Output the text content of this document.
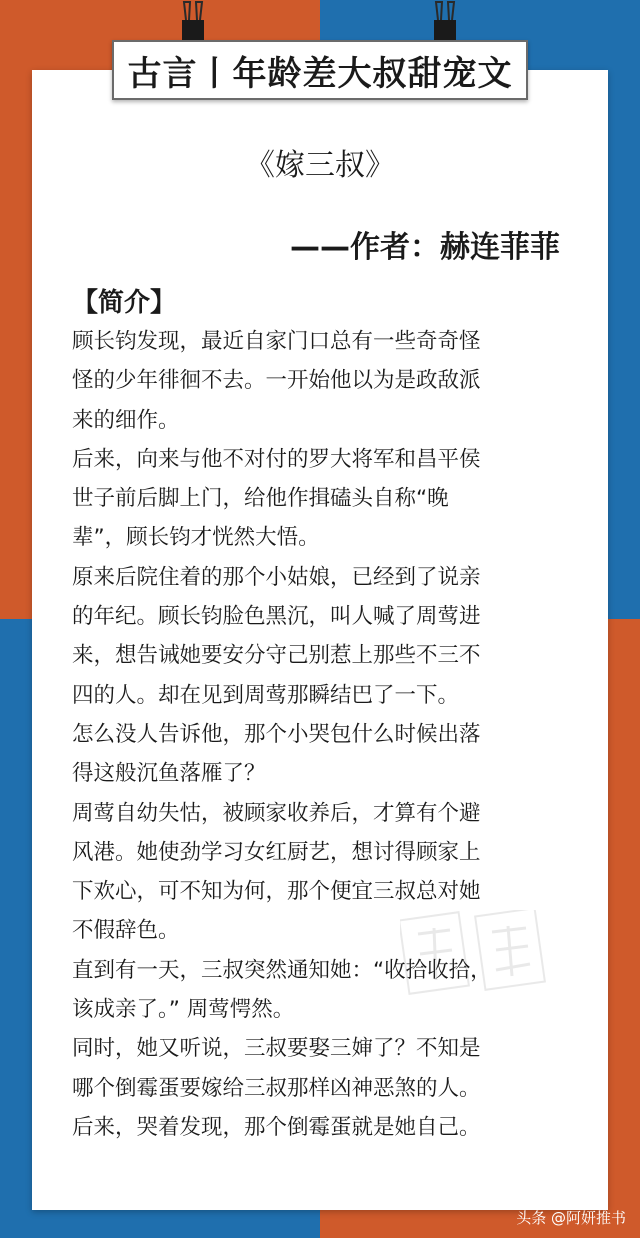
古言丨年龄差大叔甜宠文
《嫁三叔》
——作者：赫连菲菲
【简介】
顾长钧发现，最近自家门口总有一些奇奇怪
怪的少年徘徊不去。一开始他以为是政敌派
来的细作。
后来，向来与他不对付的罗大将军和昌平侯
世子前后脚上门，给他作揖磕头自称“晚
辈”，顾长钧才恍然大悟。
原来后院住着的那个小姑娘，已经到了说亲
的年纪。顾长钧脸色黑沉，叫人喊了周莺进
来，想告诫她要安分守己别惹上那些不三不
四的人。却在见到周莺那瞬结巴了一下。
怎么没人告诉他，那个小哭包什么时候出落
得这般沉鱼落雁了？
周莺自幼失怙，被顾家收养后，才算有个避
风港。她使劲学习女红厨艺，想讨得顾家上
下欢心，可不知为何，那个便宜三叔总对她
不假辞色。
直到有一天，三叔突然通知她：“收拾收拾，
该成亲了。” 周莺愕然。
同时，她又听说，三叔要娶三婶了？不知是
哪个倒霉蛋要嫁给三叔那样凶神恶煞的人。
后来，哭着发现，那个倒霉蛋就是她自己。
头条 @阿妍推书
